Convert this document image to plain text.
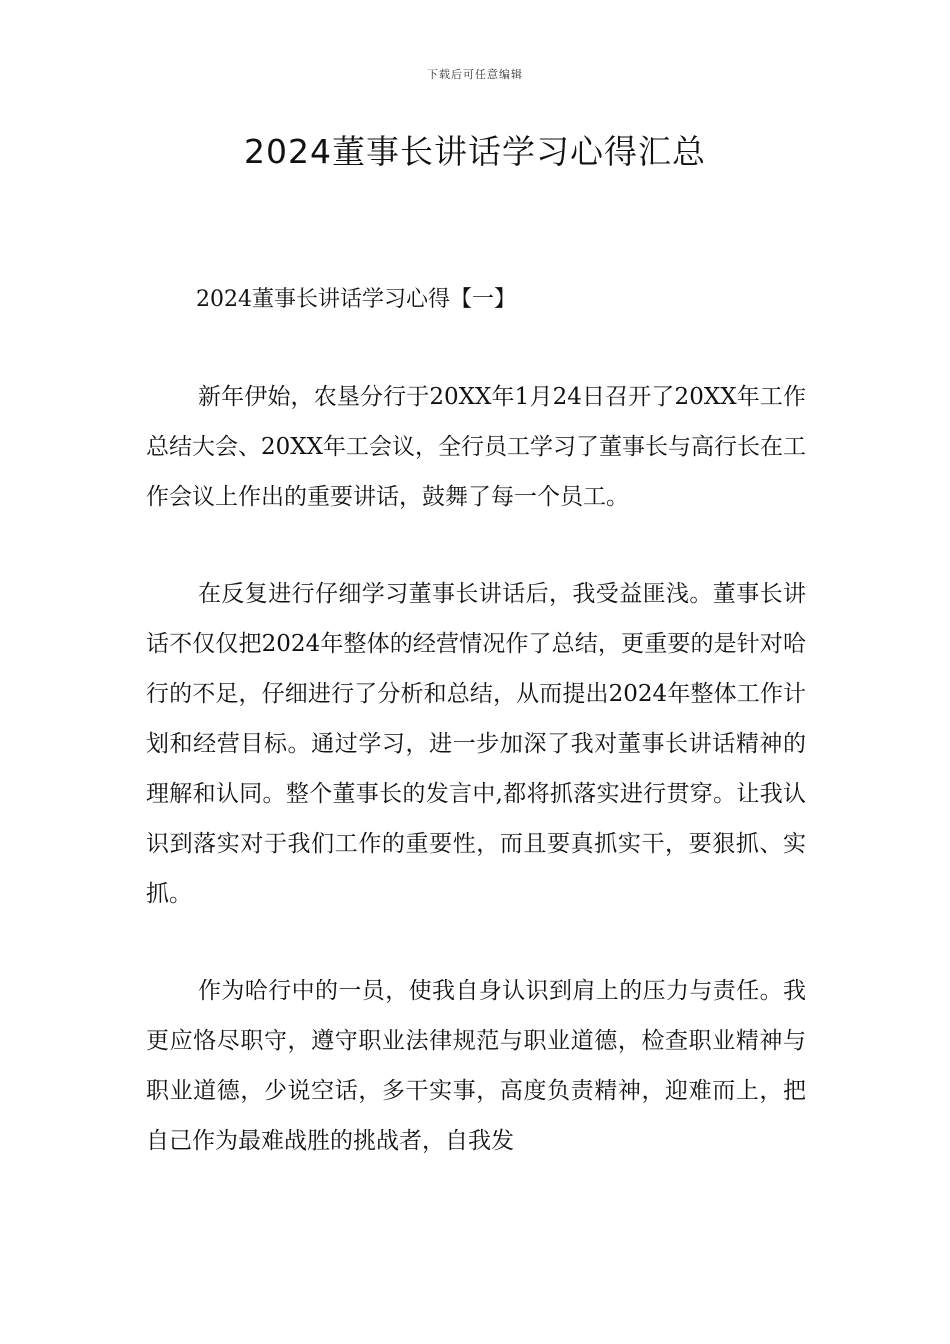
下载后可任意编辑
2024董事长讲话学习心得汇总

2024董事长讲话学习心得【一】

新年伊始，农垦分行于20XX年1月24日召开了20XX年工作总结大会、20XX年工会议，全行员工学习了董事长与高行长在工作会议上作出的重要讲话，鼓舞了每一个员工。

在反复进行仔细学习董事长讲话后，我受益匪浅。董事长讲话不仅仅把2024年整体的经营情况作了总结，更重要的是针对哈行的不足，仔细进行了分析和总结，从而提出2024年整体工作计划和经营目标。通过学习，进一步加深了我对董事长讲话精神的理解和认同。整个董事长的发言中,都将抓落实进行贯穿。让我认识到落实对于我们工作的重要性，而且要真抓实干，要狠抓、实抓。

作为哈行中的一员，使我自身认识到肩上的压力与责任。我更应恪尽职守，遵守职业法律规范与职业道德，检查职业精神与职业道德，少说空话，多干实事，高度负责精神，迎难而上，把自己作为最难战胜的挑战者，自我发
